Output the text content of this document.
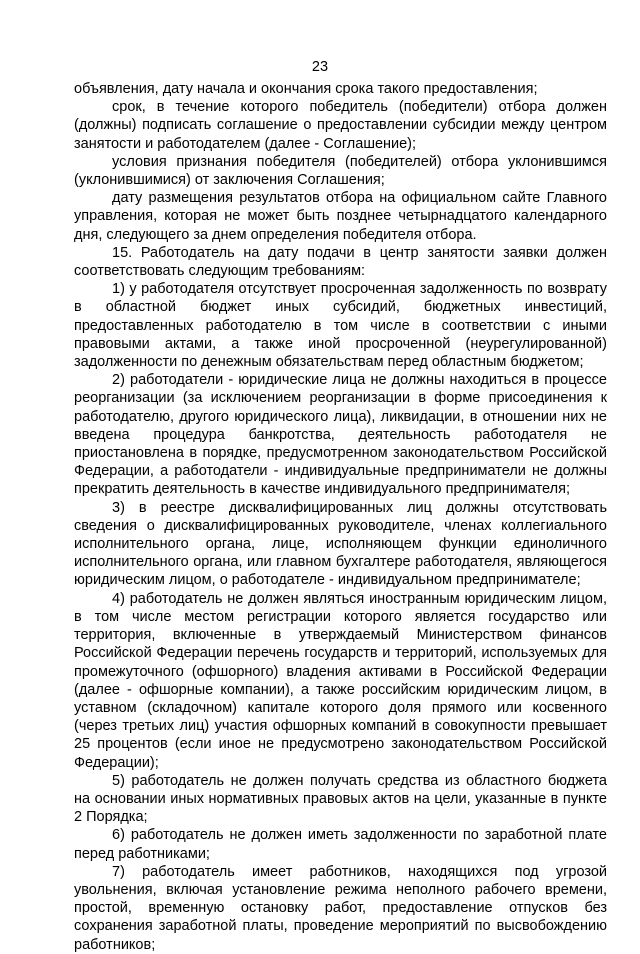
23

объявления, дату начала и окончания срока такого предоставления;

срок, в течение которого победитель (победители) отбора должен (должны) подписать соглашение о предоставлении субсидии между центром занятости и работодателем (далее - Соглашение);

условия признания победителя (победителей) отбора уклонившимся (уклонившимися) от заключения Соглашения;

дату размещения результатов отбора на официальном сайте Главного управления, которая не может быть позднее четырнадцатого календарного дня, следующего за днем определения победителя отбора.

15. Работодатель на дату подачи в центр занятости заявки должен соответствовать следующим требованиям:

1) у работодателя отсутствует просроченная задолженность по возврату в областной бюджет иных субсидий, бюджетных инвестиций, предоставленных работодателю в том числе в соответствии с иными правовыми актами, а также иной просроченной (неурегулированной) задолженности по денежным обязательствам перед областным бюджетом;

2) работодатели - юридические лица не должны находиться в процессе реорганизации (за исключением реорганизации в форме присоединения к работодателю, другого юридического лица), ликвидации, в отношении них не введена процедура банкротства, деятельность работодателя не приостановлена в порядке, предусмотренном законодательством Российской Федерации, а работодатели - индивидуальные предприниматели не должны прекратить деятельность в качестве индивидуального предпринимателя;

3) в реестре дисквалифицированных лиц должны отсутствовать сведения о дисквалифицированных руководителе, членах коллегиального исполнительного органа, лице, исполняющем функции единоличного исполнительного органа, или главном бухгалтере работодателя, являющегося юридическим лицом, о работодателе - индивидуальном предпринимателе;

4) работодатель не должен являться иностранным юридическим лицом, в том числе местом регистрации которого является государство или территория, включенные в утверждаемый Министерством финансов Российской Федерации перечень государств и территорий, используемых для промежуточного (офшорного) владения активами в Российской Федерации (далее - офшорные компании), а также российским юридическим лицом, в уставном (складочном) капитале которого доля прямого или косвенного (через третьих лиц) участия офшорных компаний в совокупности превышает 25 процентов (если иное не предусмотрено законодательством Российской Федерации);

5) работодатель не должен получать средства из областного бюджета на основании иных нормативных правовых актов на цели, указанные в пункте 2 Порядка;

6) работодатель не должен иметь задолженности по заработной плате перед работниками;

7) работодатель имеет работников, находящихся под угрозой увольнения, включая установление режима неполного рабочего времени, простой, временную остановку работ, предоставление отпусков без сохранения заработной платы, проведение мероприятий по высвобождению работников;
